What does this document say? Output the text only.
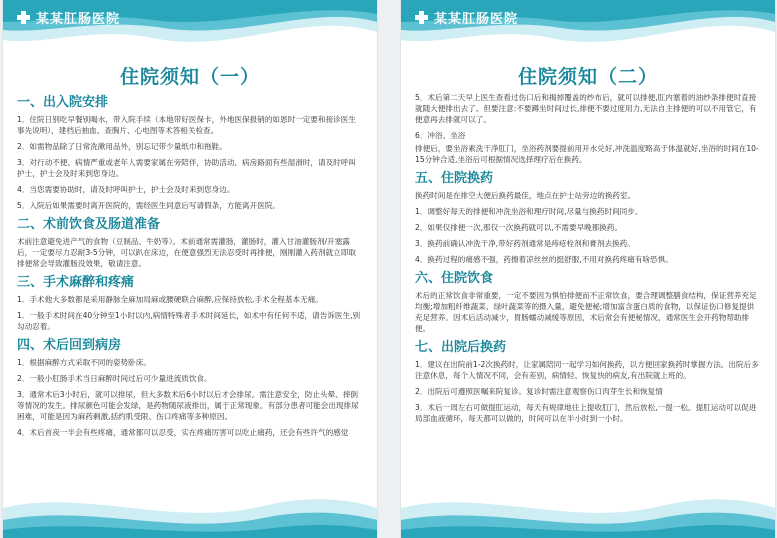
某某肛肠医院
住院须知（一）
一、出入院安排
1．住院日别吃早餐别喝水，带入院手续（本地带好医保卡，外地医保报销的如恩时一定要和接诊医生事先说明），建档后抽血、查胸片、心电图等术答相关检查。
2．如需物品除了日常洗漱用品外，别忘记带少量纸巾和拖鞋。
3．对行动不便、病情严重或老年人需要家属在旁陪伴，协助活动，病房路面有些湿滑时，请及时呼叫护士，护士会及时来到您身边。
4．当您需要协助时，请及时呼叫护士，护士会及时来到您身边。
5．入院后如果需要时离开医院的，需经医生同意后写请假条，方能离开医院。
二、术前饮食及肠道准备
术前注意避免进产气的食物（豆制品、牛奶等）。术前通常需灌肠，灌肠时，灌入甘油灌肠剂/开塞露后，一定要尽力忍耐3-5分钟，可以趴在床边，在便意强烈无法忍受时再排便，刚刚灌入药剂就立即取排便常会导致灌肠没效果，敬请注意。
三、手术麻醉和疼痛
1．手术他大多数都是采用静脉全麻加局麻或腰硬联合麻醉,应保持放松,手术全程基本无痛。
1．一般手术时间在40分钟至1小时以内,病情特殊者手术时间延长，如术中有任何不适，请告诉医生,别勾动忍着。
四、术后回到病房
1．根据麻醉方式采取不同的姿势卧床。
2．一般小肛肠手术当日麻醉时间过后可少量进流质饮食。
3．通常术后3小时后，就可以排尿，但大多数术后6小时以后才会排尿。需注意安全，防止头晕、摔倒等情况的发生。排尿颜色可能会发绿，是药物随尿液排出，属于正常现象。有部分患者可能会出现排尿困难，可能是因为麻药剩激,括约肌受限、伤口疼痛等多种原因。
4．术后首夜一半会有些疼痛，通常都可以忍受，实在疼痛厉害可以吃止痛药，还会有些许气的感觉
某某肛肠医院
住院须知（二）
5．术后第二天早上医生查看过伤口后和揭掉覆盖的纱布后，就可以排便,肛内塞着的油纱条排便时直接就随大便排出去了。但要注意:不要蹲坐时间过长,排便不要过度用力,无法自主排便的可以不用管它，有便意再去排就可以了。
6．冲浴、坐浴
排便后，要坐浴素洗干净肛门，坐浴药剂要提前用开水兑好,冲洗温度略高于体温就好,坐浴的时间在10-15分钟合适,坐浴后可根据情况选择理疗后在换药。
五、住院换药
换药时间是在排空大便后换药最佳，地点在护士站旁边的换药室。
1．调整好每天的排便和冲洗坐浴和理疗时间,尽量与换药时间同步。
2．如果仅排便一次,那仅一次换药就可以,不需要早晚都换药。
3．换药前确认冲洗干净,带好药剂通常是痔疮栓剂和膏剂去换药。
4．换药过程的痛感不强，药擦着凉丝丝的挺舒服,不用对换药疼痛有啥恐惧。
六、住院饮食
术后的正常饮食非常重要，一定不要因为惧怕排便而不正常饮食，要合理调整膳食结构，保证营养充足均衡;增加粗纤维蔬菜、绿叶蔬菜等的摄入量，避免便秘;增加富含蛋白质的食物，以保证伤口修复提供充足营养。因术后活动减少，胃肠蠕动减缓等原因，术后常会有便秘情况，通常医生会开药物帮助排便。
七、出院后换药
1．建议在出院前1-2次换药时，让家属陪同一起学习如何换药，以方便回家换药时掌握方法。出院后多注意休息，每个人情况不同，会有差别，病情轻、恢复快的病友,有出院就上班的。
2．出院后可遵照医嘱来院复诊。复诊时需注意观察伤口肉芽生长和恢复情
3．术后一周左右可做提肛运动，每天有规律地往上提收肛门，然后放松,一提一松。提肛运动可以促进局部血液循环，每天都可以做的，时间可以在半小时到一小时。
